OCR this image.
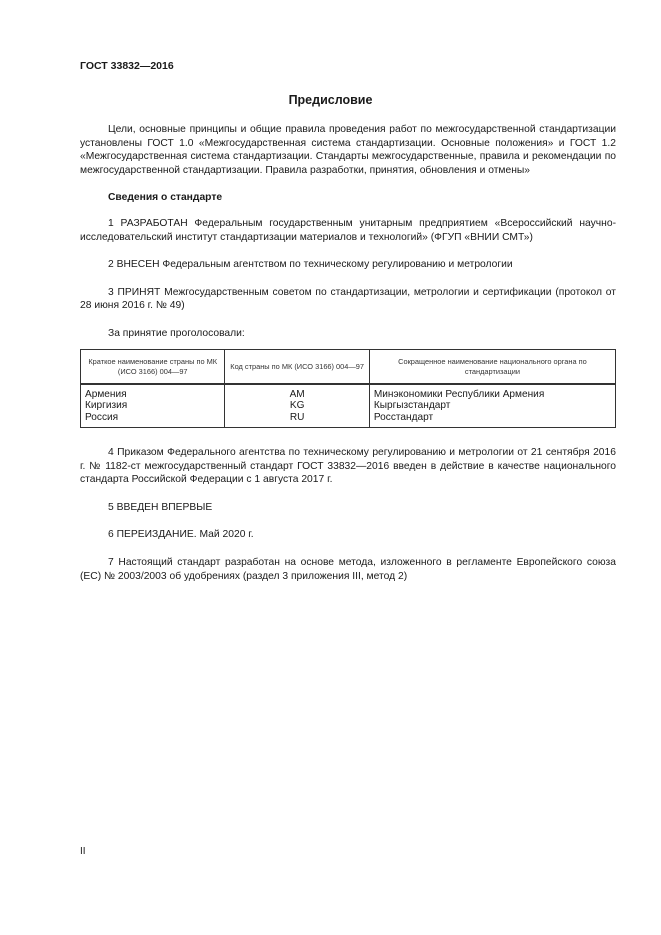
ГОСТ 33832—2016
Предисловие
Цели, основные принципы и общие правила проведения работ по межгосударственной стандартизации установлены ГОСТ 1.0 «Межгосударственная система стандартизации. Основные положения» и ГОСТ 1.2 «Межгосударственная система стандартизации. Стандарты межгосударственные, правила и рекомендации по межгосударственной стандартизации. Правила разработки, принятия, обновления и отмены»
Сведения о стандарте
1 РАЗРАБОТАН Федеральным государственным унитарным предприятием «Всероссийский научно-исследовательский институт стандартизации материалов и технологий» (ФГУП «ВНИИ СМТ»)
2 ВНЕСЕН Федеральным агентством по техническому регулированию и метрологии
3 ПРИНЯТ Межгосударственным советом по стандартизации, метрологии и сертификации (протокол от 28 июня 2016 г. № 49)
За принятие проголосовали:
Краткое наименование страны по МК (ИСО 3166) 004—97	Код страны по МК (ИСО 3166) 004—97	Сокращенное наименование национального органа по стандартизации
Армения	AM	Минэкономики Республики Армения
Киргизия	KG	Кыргызстандарт
Россия	RU	Росстандарт
4 Приказом Федерального агентства по техническому регулированию и метрологии от 21 сентября 2016 г. № 1182-ст межгосударственный стандарт ГОСТ 33832—2016 введен в действие в качестве национального стандарта Российской Федерации с 1 августа 2017 г.
5 ВВЕДЕН ВПЕРВЫЕ
6 ПЕРЕИЗДАНИЕ. Май 2020 г.
7 Настоящий стандарт разработан на основе метода, изложенного в регламенте Европейского союза (ЕС) № 2003/2003 об удобрениях (раздел 3 приложения III, метод 2)
II
